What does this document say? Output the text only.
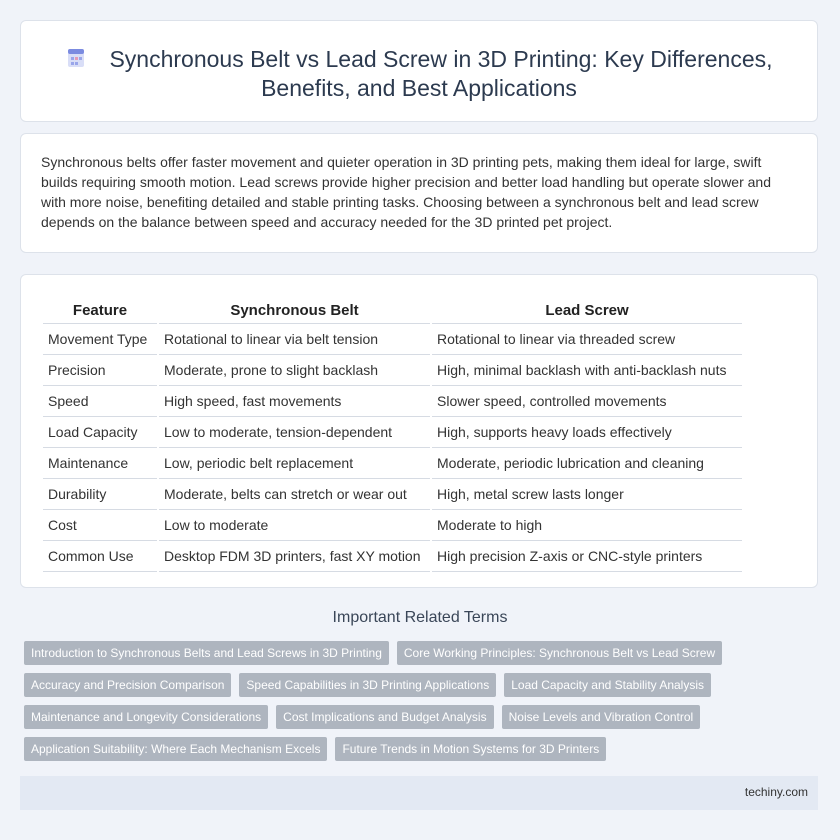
Synchronous Belt vs Lead Screw in 3D Printing: Key Differences, Benefits, and Best Applications

Synchronous belts offer faster movement and quieter operation in 3D printing pets, making them ideal for large, swift builds requiring smooth motion. Lead screws provide higher precision and better load handling but operate slower and with more noise, benefiting detailed and stable printing tasks. Choosing between a synchronous belt and lead screw depends on the balance between speed and accuracy needed for the 3D printed pet project.

Feature		Synchronous Belt		Lead Screw
Movement Type		Rotational to linear via belt tension		Rotational to linear via threaded screw
Precision		Moderate, prone to slight backlash		High, minimal backlash with anti-backlash nuts
Speed		High speed, fast movements		Slower speed, controlled movements
Load Capacity		Low to moderate, tension-dependent		High, supports heavy loads effectively
Maintenance		Low, periodic belt replacement		Moderate, periodic lubrication and cleaning
Durability		Moderate, belts can stretch or wear out		High, metal screw lasts longer
Cost		Low to moderate		Moderate to high
Common Use		Desktop FDM 3D printers, fast XY motion		High precision Z-axis or CNC-style printers
Important Related Terms
Introduction to Synchronous Belts and Lead Screws in 3D Printing	Core Working Principles: Synchronous Belt vs Lead Screw
Accuracy and Precision Comparison	Speed Capabilities in 3D Printing Applications	Load Capacity and Stability Analysis
Maintenance and Longevity Considerations	Cost Implications and Budget Analysis	Noise Levels and Vibration Control
Application Suitability: Where Each Mechanism Excels	Future Trends in Motion Systems for 3D Printers
techiny.com
